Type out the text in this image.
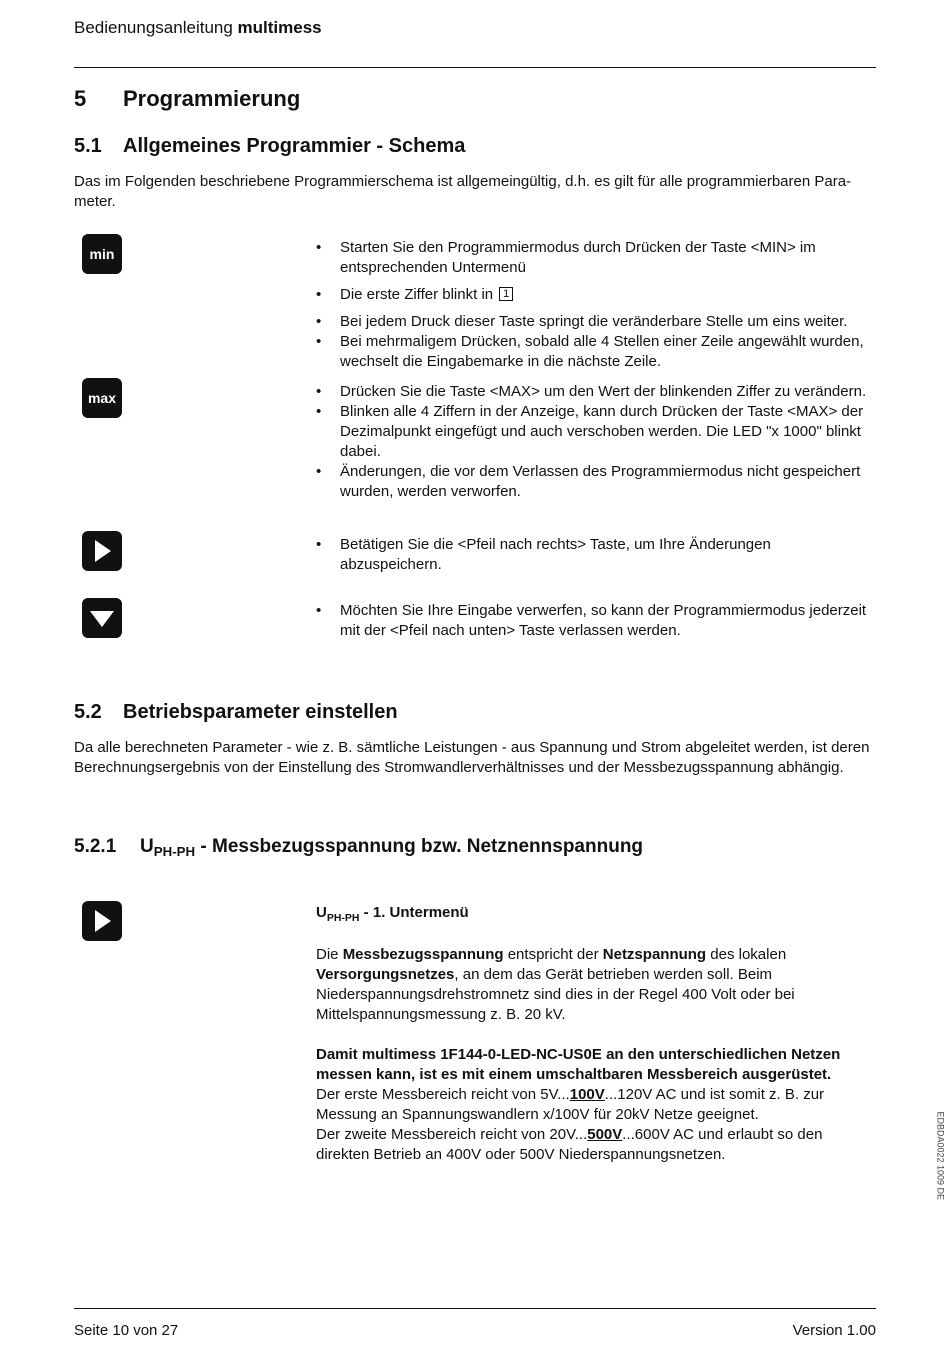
Bedienungsanleitung multimess
5 Programmierung
5.1 Allgemeines Programmier - Schema
Das im Folgenden beschriebene Programmierschema ist allgemeingültig, d.h. es gilt für alle programmierbaren Para-
meter.
min	• Starten Sie den Programmiermodus durch Drücken der Taste <MIN> im entsprechenden Untermenü
• Die erste Ziffer blinkt in 1
• Bei jedem Druck dieser Taste springt die veränderbare Stelle um eins weiter.
• Bei mehrmaligem Drücken, sobald alle 4 Stellen einer Zeile angewählt wurden, wechselt die Eingabemarke in die nächste Zeile.
max	• Drücken Sie die Taste <MAX> um den Wert der blinkenden Ziffer zu verändern.
• Blinken alle 4 Ziffern in der Anzeige, kann durch Drücken der Taste <MAX> der Dezimalpunkt eingefügt und auch verschoben werden. Die LED "x 1000" blinkt dabei.
• Änderungen, die vor dem Verlassen des Programmiermodus nicht gespeichert wurden, werden verworfen.
• Betätigen Sie die <Pfeil nach rechts> Taste, um Ihre Änderungen abzuspeichern.
• Möchten Sie Ihre Eingabe verwerfen, so kann der Programmiermodus jederzeit mit der <Pfeil nach unten> Taste verlassen werden.
5.2 Betriebsparameter einstellen
Da alle berechneten Parameter - wie z. B. sämtliche Leistungen - aus Spannung und Strom abgeleitet werden, ist deren Berechnungsergebnis von der Einstellung des Stromwandlerverhältnisses und der Messbezugsspannung abhängig.
5.2.1 $U_{PH-PH}$ - Messbezugsspannung bzw. Netznennspannung
$U_{PH-PH} - 1$. Untermenü

Die Messbezugsspannung entspricht der Netzspannung des lokalen Versorgungsnetzes, an dem das Gerät betrieben werden soll. Beim Niederspannungsdrehstromnetz sind dies in der Regel 400 Volt oder bei Mittelspannungsmessung z. B. 20 kV.

Damit multimess 1F144-0-LED-NC-US0E an den unterschiedlichen Netzen messen kann, ist es mit einem umschaltbaren Messbereich ausgerüstet.

Der erste Messbereich reicht von 5V...100V...120V AC und ist somit z. B. zur Messung an Spannungswandlern x/100V für 20kV Netze geeignet.

Der zweite Messbereich reicht von 20V...500V...600V AC und erlaubt so den direkten Betrieb an 400V oder 500V Niederspannungsnetzen.	EDBDA0022 1009 DE
Seite 10 von 27	Version 1.00
